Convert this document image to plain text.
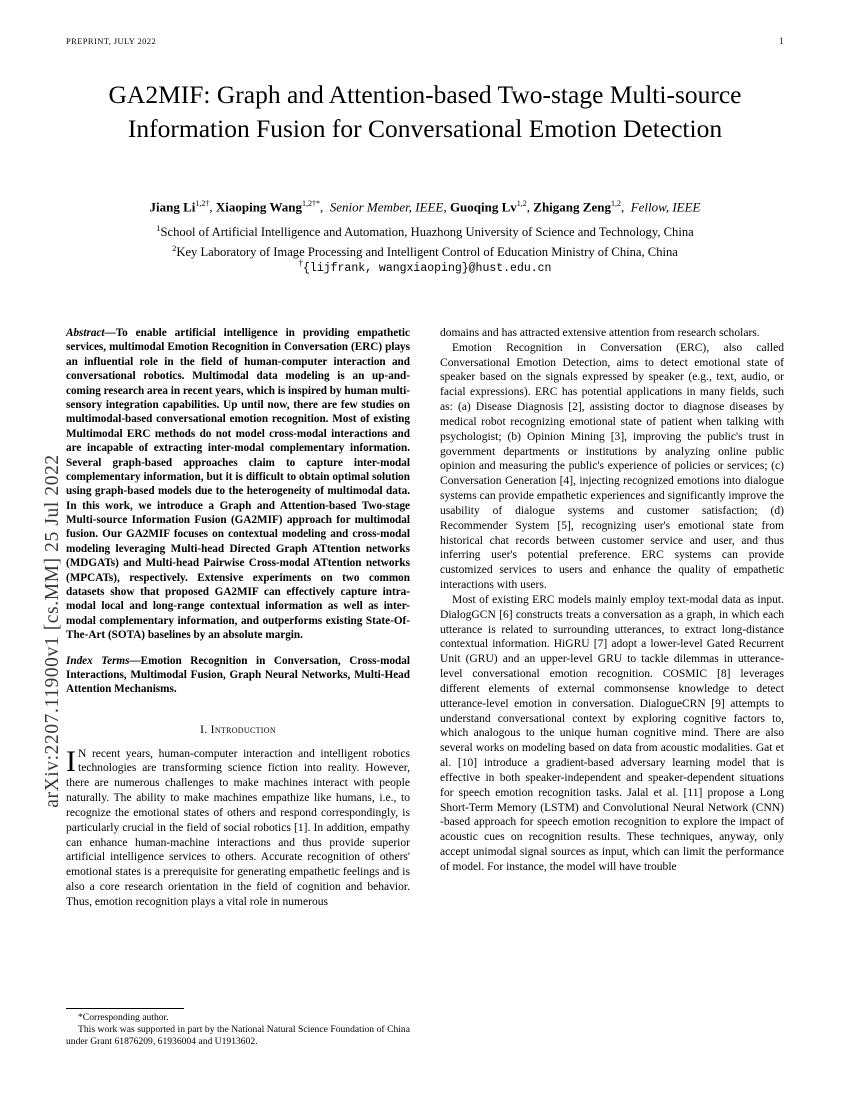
PREPRINT, JULY 2022	1
arXiv:2207.11900v1 [cs.MM] 25 Jul 2022
GA2MIF: Graph and Attention-based Two-stage Multi-source Information Fusion for Conversational Emotion Detection
Jiang $Li^{1,2\dagger}$, Xiaoping Wang$^{1,2\dagger*}$,  Senior Member, IEEE, Guoqing Lv$^{1,2}$, Zhigang Zeng$^{1,2}$,  Fellow, IEEE
$^1$School of Artificial Intelligence and Automation, Huazhong University of Science and Technology, China
$^2$Key Laboratory of Image Processing and Intelligent Control of Education Ministry of China, China
†{lijfrank, wangxiaoping}@hust.edu.cn
Abstract—To enable artificial intelligence in providing empathetic services, multimodal Emotion Recognition in Conversation (ERC) plays an influential role in the field of human-computer interaction and conversational robotics. Multimodal data modeling is an up-and-coming research area in recent years, which is inspired by human multi-sensory integration capabilities. Up until now, there are few studies on multimodal-based conversational emotion recognition. Most of existing Multimodal ERC methods do not model cross-modal interactions and are incapable of extracting inter-modal complementary information. Several graph-based approaches claim to capture inter-modal complementary information, but it is difficult to obtain optimal solution using graph-based models due to the heterogeneity of multimodal data. In this work, we introduce a Graph and Attention-based Two-stage Multi-source Information Fusion (GA2MIF) approach for multimodal fusion. Our GA2MIF focuses on contextual modeling and cross-modal modeling leveraging Multi-head Directed Graph ATtention networks (MDGATs) and Multi-head Pairwise Cross-modal ATtention networks (MPCATs), respectively. Extensive experiments on two common datasets show that proposed GA2MIF can effectively capture intra-modal local and long-range contextual information as well as inter-modal complementary information, and outperforms existing State-Of-The-Art (SOTA) baselines by an absolute margin.
Index Terms—Emotion Recognition in Conversation, Cross-modal Interactions, Multimodal Fusion, Graph Neural Networks, Multi-Head Attention Mechanisms.
I. Introduction

I N recent years, human-computer interaction and intelligent robotics technologies are transforming science fiction into reality. However, there are numerous challenges to make machines interact with people naturally. The ability to make machines empathize like humans, i.e., to recognize the emotional states of others and respond correspondingly, is particularly crucial in the field of social robotics [1]. In addition, empathy can enhance human-machine interactions and thus provide superior artificial intelligence services to others. Accurate recognition of others' emotional states is a prerequisite for generating empathetic feelings and is also a core research orientation in the field of cognition and behavior. Thus, emotion recognition plays a vital role in numerous

domains and has attracted extensive attention from research scholars.

Emotion Recognition in Conversation (ERC), also called Conversational Emotion Detection, aims to detect emotional state of speaker based on the signals expressed by speaker (e.g., text, audio, or facial expressions). ERC has potential applications in many fields, such as: (a) Disease Diagnosis [2], assisting doctor to diagnose diseases by medical robot recognizing emotional state of patient when talking with psychologist; (b) Opinion Mining [3], improving the public's trust in government departments or institutions by analyzing online public opinion and measuring the public's experience of policies or services; (c) Conversation Generation [4], injecting recognized emotions into dialogue systems can provide empathetic experiences and significantly improve the usability of dialogue systems and customer satisfaction; (d) Recommender System [5], recognizing user's emotional state from historical chat records between customer service and user, and thus inferring user's potential preference. ERC systems can provide customized services to users and enhance the quality of empathetic interactions with users.

Most of existing ERC models mainly employ text-modal data as input. DialogGCN [6] constructs treats a conversation as a graph, in which each utterance is related to surrounding utterances, to extract long-distance contextual information. HiGRU [7] adopt a lower-level Gated Recurrent Unit (GRU) and an upper-level GRU to tackle dilemmas in utterance-level conversational emotion recognition. COSMIC [8] leverages different elements of external commonsense knowledge to detect utterance-level emotion in conversation. DialogueCRN [9] attempts to understand conversational context by exploring cognitive factors to, which analogous to the unique human cognitive mind. There are also several works on modeling based on data from acoustic modalities. Gat et al. [10] introduce a gradient-based adversary learning model that is effective in both speaker-independent and speaker-dependent situations for speech emotion recognition tasks. Jalal et al. [11] propose a Long Short-Term Memory (LSTM) and Convolutional Neural Network (CNN) -based approach for speech emotion recognition to explore the impact of acoustic cues on recognition results. These techniques, anyway, only accept unimodal signal sources as input, which can limit the performance of model. For instance, the model will have trouble

*Corresponding author.
This work was supported in part by the National Natural Science Foundation of China under Grant 61876209, 61936004 and U1913602.
